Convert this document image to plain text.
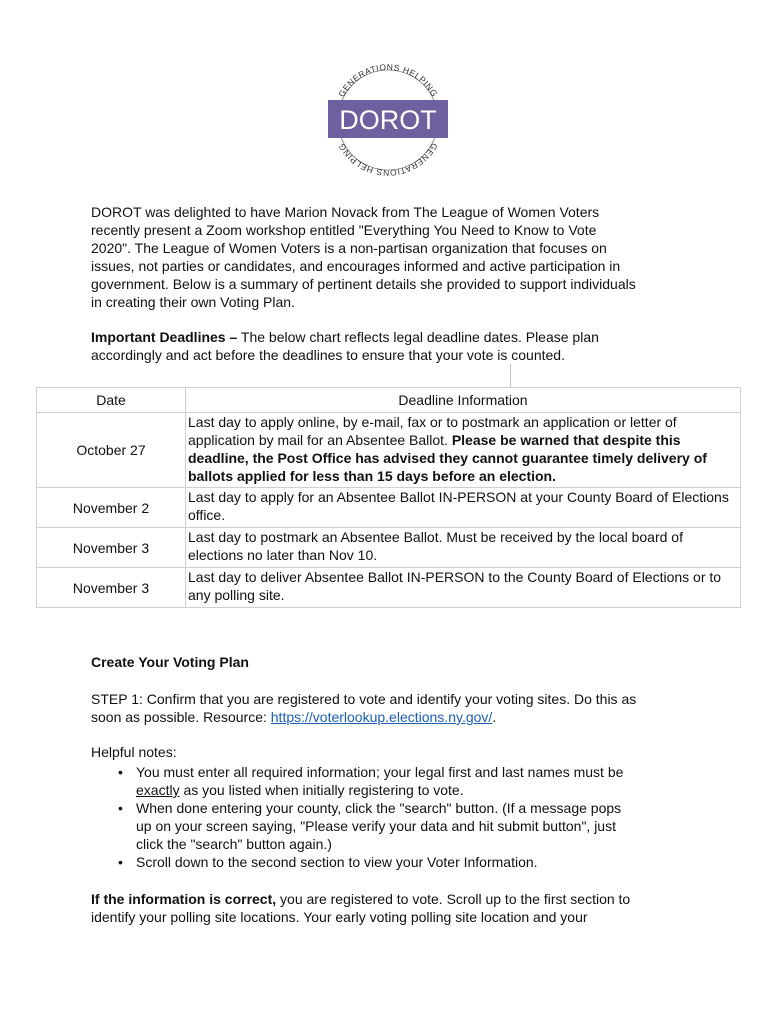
GENERATIONS HELPING
GENERATIONS HELPING
DOROT
DOROT was delighted to have Marion Novack from The League of Women Voters
recently present a Zoom workshop entitled "Everything You Need to Know to Vote
2020". The League of Women Voters is a non-partisan organization that focuses on
issues, not parties or candidates, and encourages informed and active participation in
government. Below is a summary of pertinent details she provided to support individuals
in creating their own Voting Plan.
Important Deadlines – The below chart reflects legal deadline dates. Please plan
accordingly and act before the deadlines to ensure that your vote is counted.
Date	Deadline Information
October 27	Last day to apply online, by e-mail, fax or to postmark an application or letter of application by mail for an Absentee Ballot. Please be warned that despite this deadline, the Post Office has advised they cannot guarantee timely delivery of ballots applied for less than 15 days before an election.
November 2	Last day to apply for an Absentee Ballot IN-PERSON at your County Board of Elections office.
November 3	Last day to postmark an Absentee Ballot. Must be received by the local board of elections no later than Nov 10.
November 3	Last day to deliver Absentee Ballot IN-PERSON to the County Board of Elections or to any polling site.
Create Your Voting Plan
STEP 1: Confirm that you are registered to vote and identify your voting sites. Do this as
soon as possible. Resource: https://voterlookup.elections.ny.gov/.
Helpful notes:
• You must enter all required information; your legal first and last names must be
exactly as you listed when initially registering to vote.
• When done entering your county, click the "search" button. (If a message pops
up on your screen saying, "Please verify your data and hit submit button", just
click the "search" button again.)
• Scroll down to the second section to view your Voter Information.
If the information is correct, you are registered to vote. Scroll up to the first section to
identify your polling site locations. Your early voting polling site location and your
